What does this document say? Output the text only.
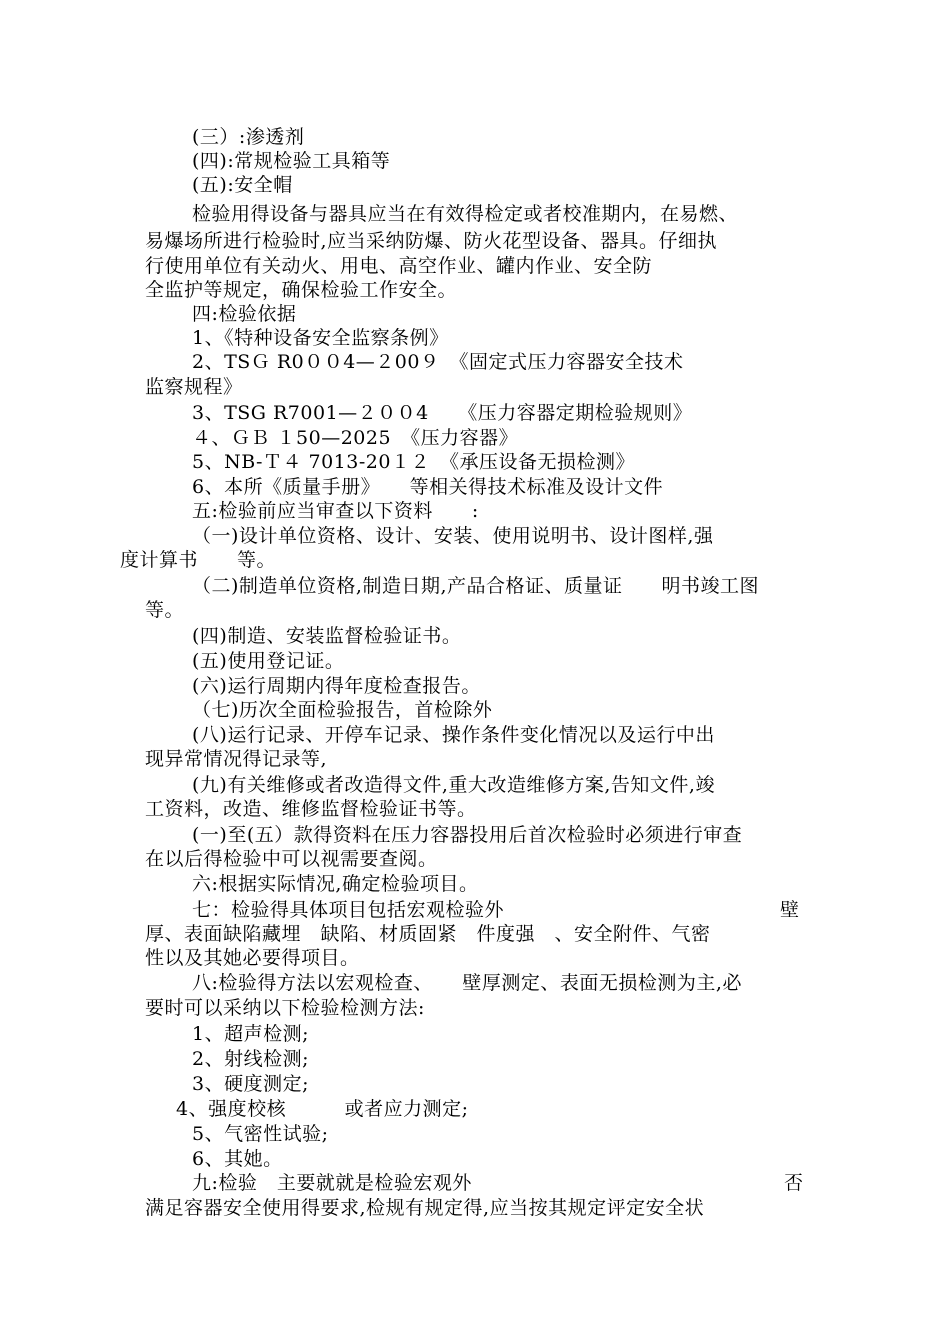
(三）:渗透剂
(四):常规检验工具箱等
(五):安全帽
检验用得设备与器具应当在有效得检定或者校准期内，在易燃、
易爆场所进行检验时,应当采纳防爆、防火花型设备、器具。仔细执
行使用单位有关动火、用电、高空作业、罐内作业、安全防
全监护等规定，确保检验工作安全。
四:检验依据
1、《特种设备安全监察条例》
2、TSＧ R0００4—２00９　《固定式压力容器安全技术
监察规程》
3、TSG R7001—２００4　　《压力容器定期检验规则》
４、ＧＢ １50—2025　《压力容器》
5、NB-Ｔ４ 7013-20１２　《承压设备无损检测》
6、本所《质量手册》　　等相关得技术标准及设计文件
五:检验前应当审查以下资料　　:
（一)设计单位资格、设计、安装、使用说明书、设计图样,强
度计算书　　等。
（二)制造单位资格,制造日期,产品合格证、质量证　　明书竣工图
等。
(四)制造、安装监督检验证书。
(五)使用登记证。
(六)运行周期内得年度检查报告。
（七)历次全面检验报告，首检除外
(八)运行记录、开停车记录、操作条件变化情况以及运行中出
现异常情况得记录等,
(九)有关维修或者改造得文件,重大改造维修方案,告知文件,竣
工资料，改造、维修监督检验证书等。
(一)至(五）款得资料在压力容器投用后首次检验时必须进行审查
在以后得检验中可以视需要查阅。
六:根据实际情况,确定检验项目。
七：检验得具体项目包括宏观检验外	壁
厚、表面缺陷藏埋　缺陷、材质固紧　件度强　、安全附件、气密
性以及其她必要得项目。
八:检验得方法以宏观检查、　　壁厚测定、表面无损检测为主,必
要时可以采纳以下检验检测方法:
1、超声检测;
2、射线检测;
3、硬度测定;
4、强度校核　　　或者应力测定;
5、气密性试验;
6、其她。
九:检验　主要就就是检验宏观外	否
满足容器安全使用得要求,检规有规定得,应当按其规定评定安全状
